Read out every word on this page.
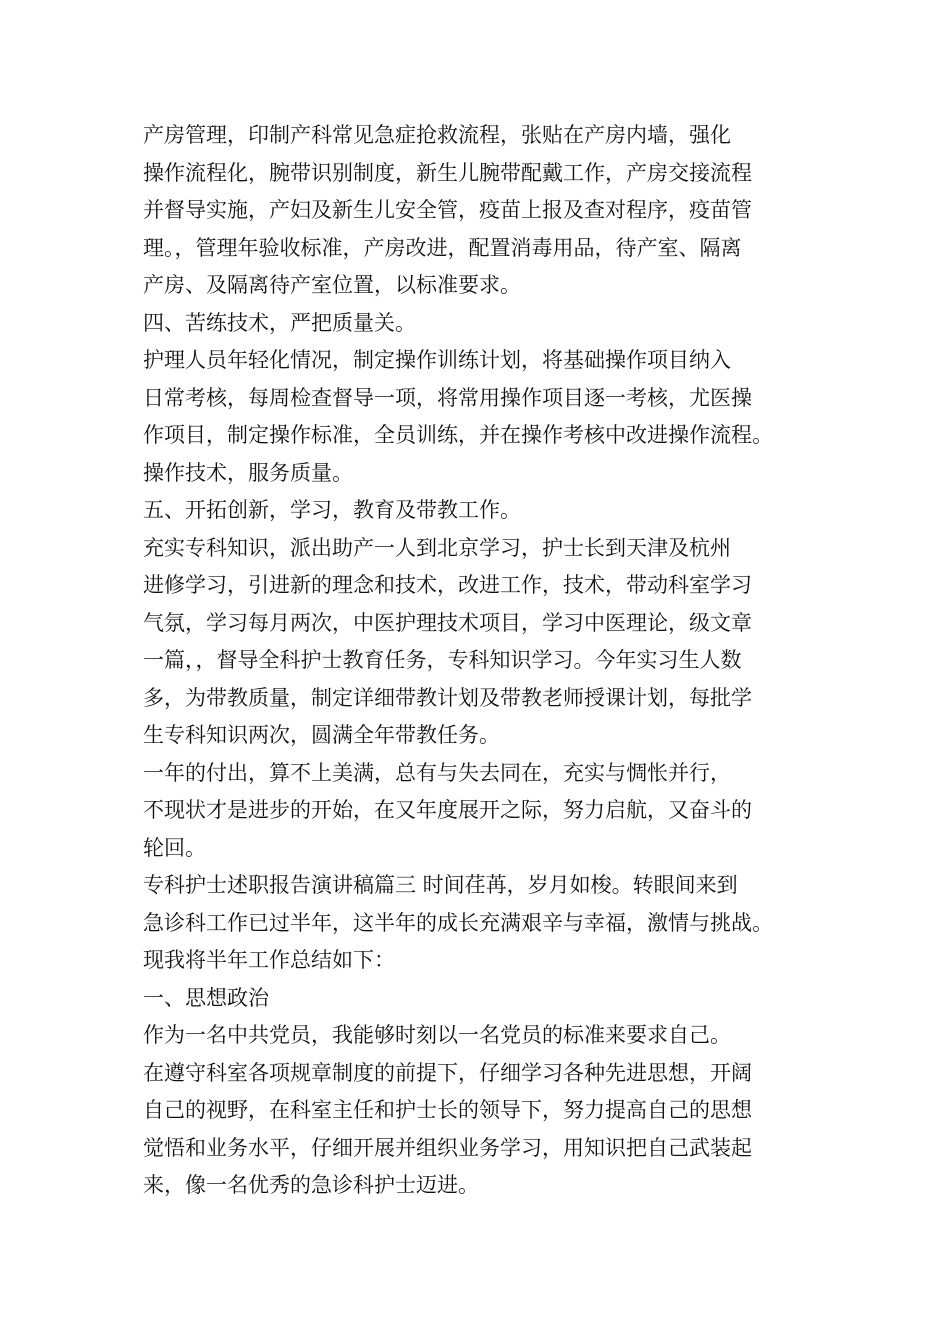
产房管理，印制产科常见急症抢救流程，张贴在产房内墙，强化
操作流程化，腕带识别制度，新生儿腕带配戴工作，产房交接流程
并督导实施，产妇及新生儿安全管，疫苗上报及查对程序，疫苗管
理。，管理年验收标准，产房改进，配置消毒用品，待产室、隔离
产房、及隔离待产室位置，以标准要求。
四、苦练技术，严把质量关。
护理人员年轻化情况，制定操作训练计划，将基础操作项目纳入
日常考核，每周检查督导一项，将常用操作项目逐一考核，尤医操
作项目，制定操作标准，全员训练，并在操作考核中改进操作流程。
操作技术，服务质量。
五、开拓创新，学习，教育及带教工作。
充实专科知识，派出助产一人到北京学习，护士长到天津及杭州
进修学习，引进新的理念和技术，改进工作，技术，带动科室学习
气氛，学习每月两次，中医护理技术项目，学习中医理论，级文章
一篇，，督导全科护士教育任务，专科知识学习。今年实习生人数
多，为带教质量，制定详细带教计划及带教老师授课计划，每批学
生专科知识两次，圆满全年带教任务。
一年的付出，算不上美满，总有与失去同在，充实与惆怅并行，
不现状才是进步的开始，在又年度展开之际，努力启航，又奋斗的
轮回。
专科护士述职报告演讲稿篇三 时间荏苒，岁月如梭。转眼间来到
急诊科工作已过半年，这半年的成长充满艰辛与幸福，激情与挑战。
现我将半年工作总结如下：
一、思想政治
作为一名中共党员，我能够时刻以一名党员的标准来要求自己。
在遵守科室各项规章制度的前提下，仔细学习各种先进思想，开阔
自己的视野，在科室主任和护士长的领导下，努力提高自己的思想
觉悟和业务水平，仔细开展并组织业务学习，用知识把自己武装起
来，像一名优秀的急诊科护士迈进。
